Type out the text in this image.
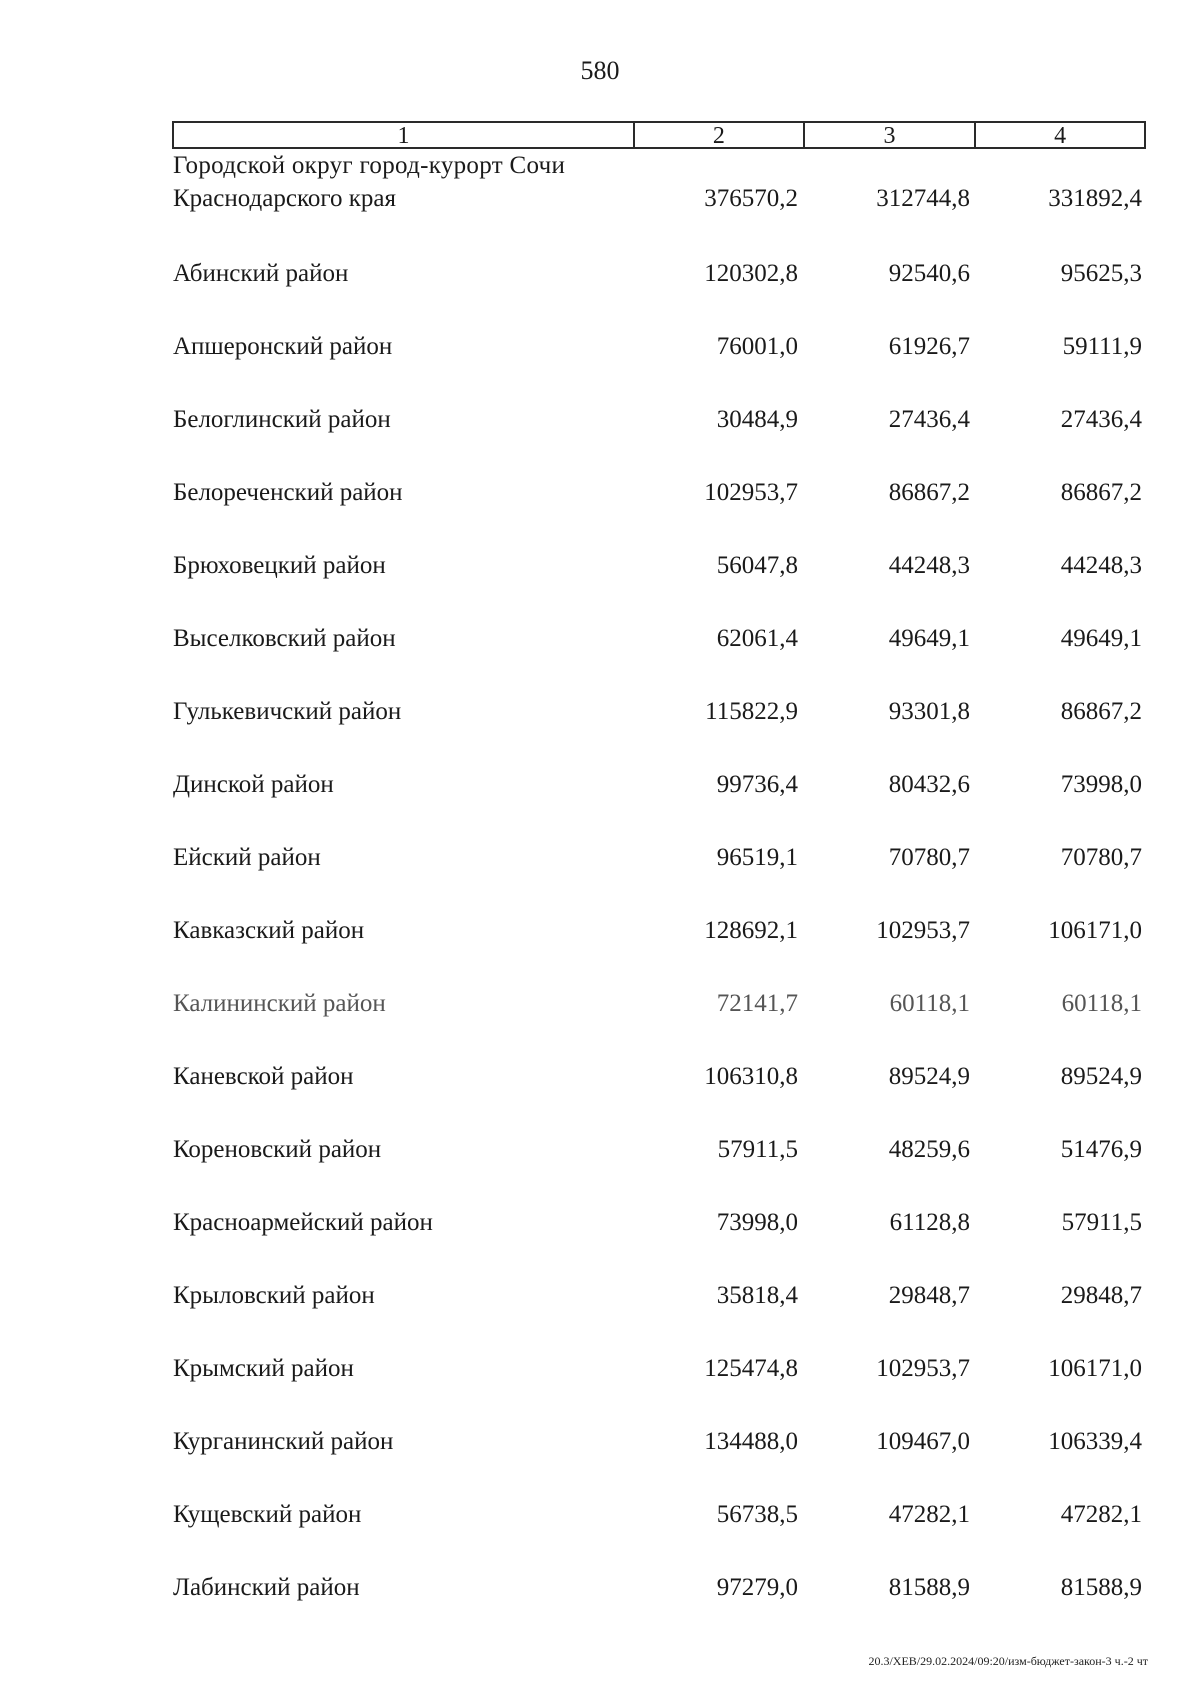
580
1	2	3	4
Городской округ город-курорт Сочи
Краснодарского края	376570,2	312744,8	331892,4
Абинский район	120302,8	92540,6	95625,3
Апшеронский район	76001,0	61926,7	59111,9
Белоглинский район	30484,9	27436,4	27436,4
Белореченский район	102953,7	86867,2	86867,2
Брюховецкий район	56047,8	44248,3	44248,3
Выселковский район	62061,4	49649,1	49649,1
Гулькевичский район	115822,9	93301,8	86867,2
Динской район	99736,4	80432,6	73998,0
Ейский район	96519,1	70780,7	70780,7
Кавказский район	128692,1	102953,7	106171,0
Калининский район	72141,7	60118,1	60118,1
Каневской район	106310,8	89524,9	89524,9
Кореновский район	57911,5	48259,6	51476,9
Красноармейский район	73998,0	61128,8	57911,5
Крыловский район	35818,4	29848,7	29848,7
Крымский район	125474,8	102953,7	106171,0
Курганинский район	134488,0	109467,0	106339,4
Кущевский район	56738,5	47282,1	47282,1
Лабинский район	97279,0	81588,9	81588,9
20.3/ХЕВ/29.02.2024/09:20/изм-бюджет-закон-3 ч.-2 чт
